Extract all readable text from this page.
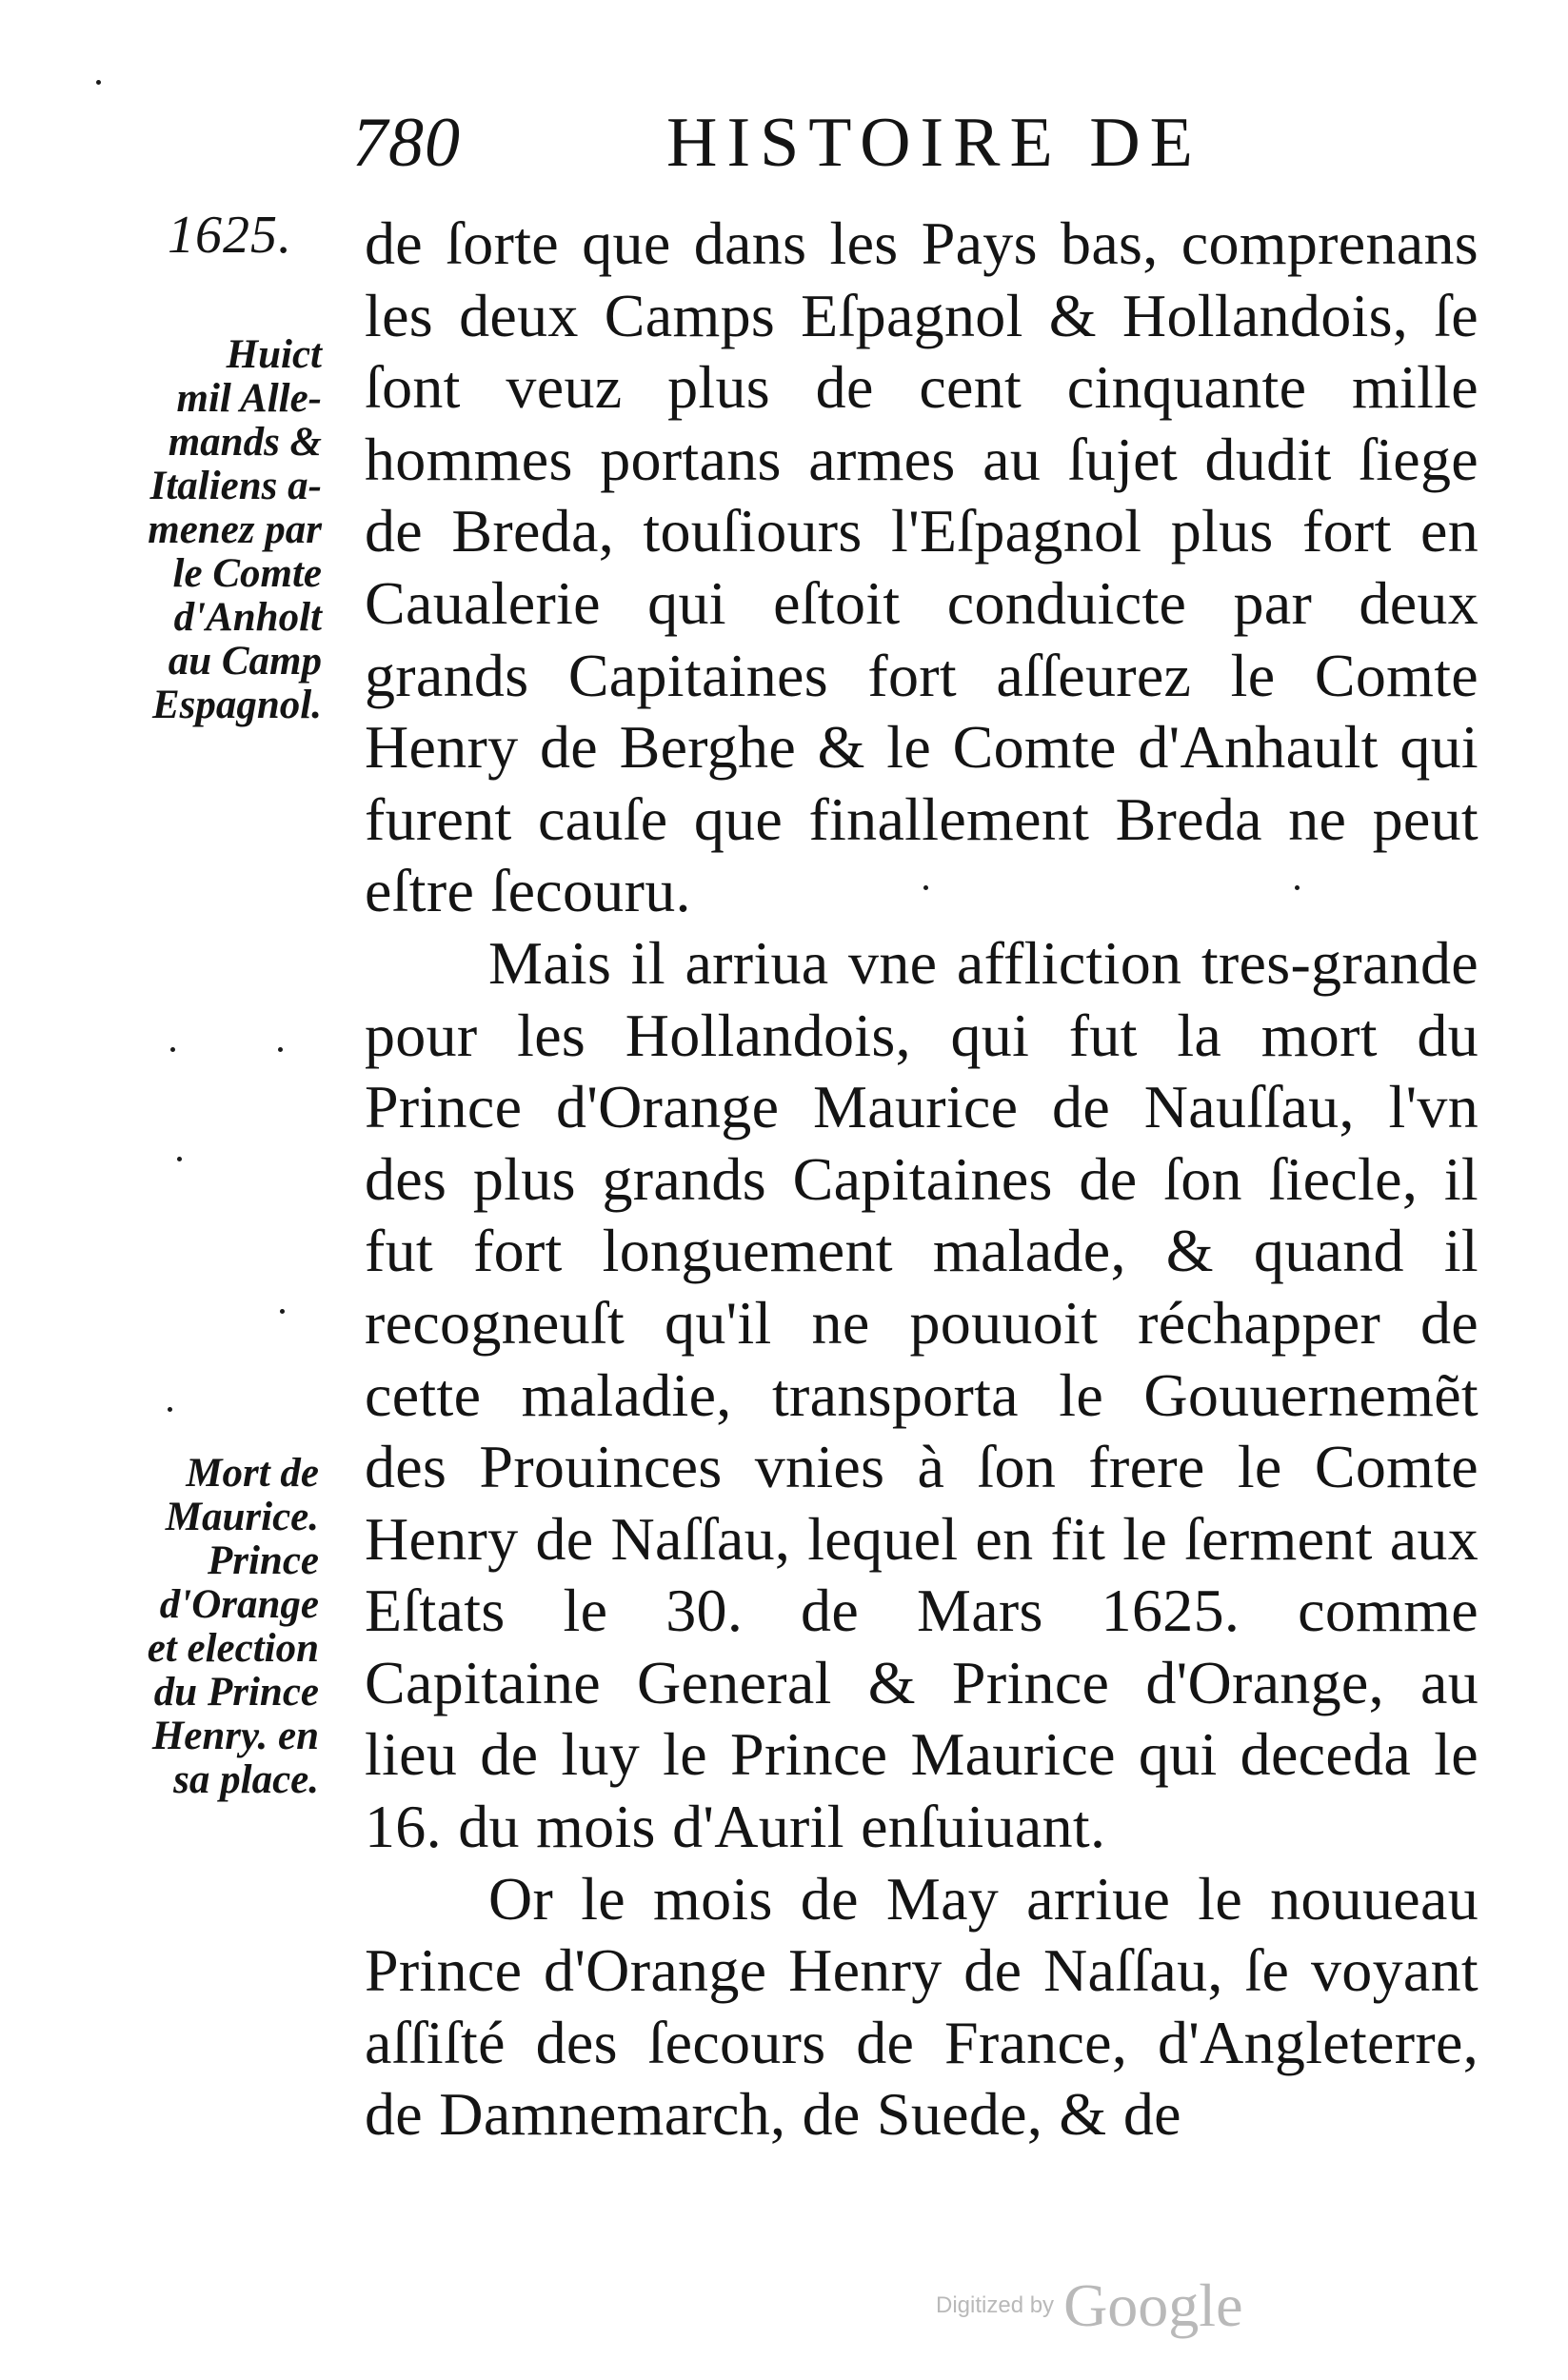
780	HISTOIRE DE
1625.
Huict
mil Alle-
mands &
Italiens a-
menez par
le Comte
d'Anholt
au Camp
Espagnol.
Mort de
Maurice.
Prince
d'Orange
et election
du Prince
Henry. en
sa place.

de ſorte que dans les Pays bas, comprenans les deux Camps Eſpagnol & Hollandois, ſe ſont veuz plus de cent cinquante mille hommes portans armes au ſujet dudit ſiege de Breda, touſiours l'Eſpagnol plus fort en Caualerie qui eſtoit conduicte par deux grands Capitaines fort aſſeurez le Comte Henry de Berghe & le Comte d'Anhault qui furent cauſe que finallement Breda ne peut eſtre ſecouru.

Mais il arriua vne affliction tres-grande pour les Hollandois, qui fut la mort du Prince d'Orange Maurice de Nauſſau, l'vn des plus grands Capitaines de ſon ſiecle, il fut fort longuement malade, & quand il recogneuſt qu'il ne pouuoit réchapper de cette maladie, transporta le Gouuernemẽt des Prouinces vnies à ſon frere le Comte Henry de Naſſau, lequel en fit le ſerment aux Eſtats le 30. de Mars 1625. comme Capitaine General & Prince d'Orange, au lieu de luy le Prince Maurice qui deceda le 16. du mois d'Auril enſuiuant.

Or le mois de May arriue le nouueau Prince d'Orange Henry de Naſſau, ſe voyant aſſiſté des ſecours de France, d'Angleterre, de Damnemarch, de Suede, & de

Digitized by Google
